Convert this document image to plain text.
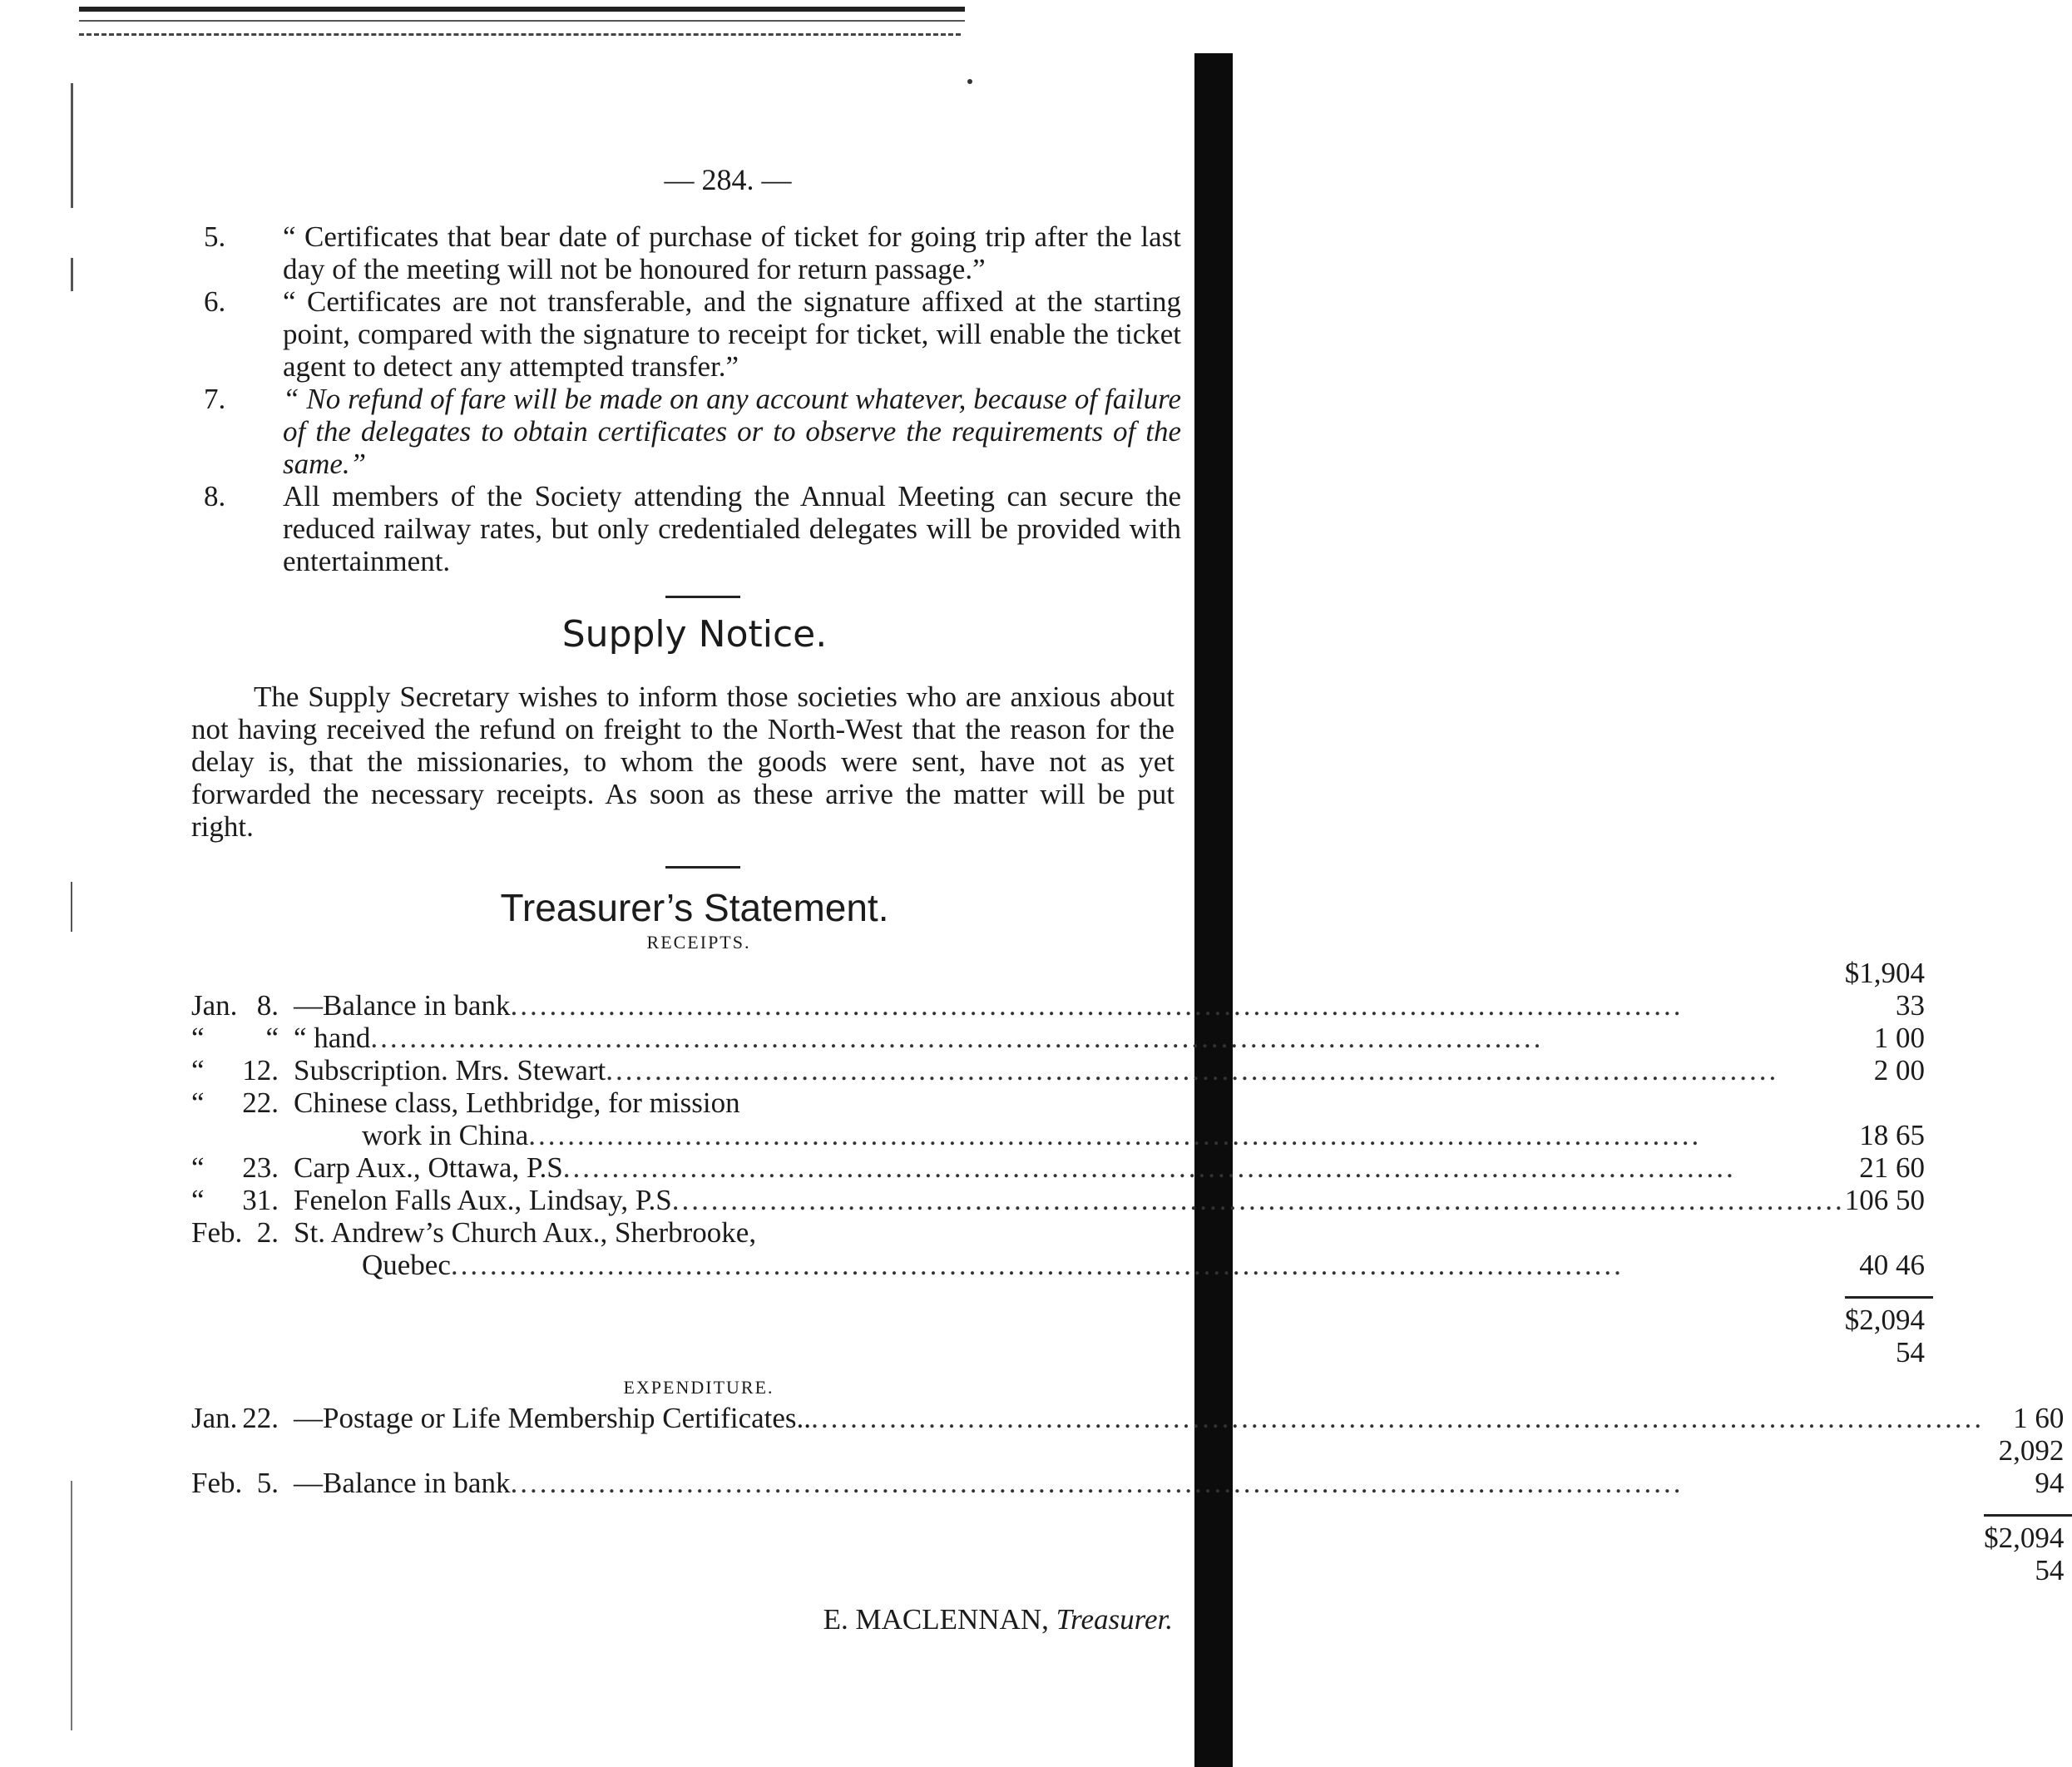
— 284. —
5. “ Certificates that bear date of purchase of ticket for going trip after the last day of the meeting will not be honoured for return passage.”
6. “ Certificates are not transferable, and the signature affixed at the starting point, compared with the signature to receipt for ticket, will enable the ticket agent to detect any attempted transfer.”
7. “ No refund of fare will be made on any account whatever, because of failure of the delegates to obtain certificates or to observe the requirements of the same.”
8. All members of the Society attending the Annual Meeting can secure the reduced railway rates, but only credentialed delegates will be provided with entertainment.
Supply Notice.
The Supply Secretary wishes to inform those societies who are anxious about not having received the refund on freight to the North-West that the reason for the delay is, that the missionaries, to whom the goods were sent, have not as yet forwarded the necessary receipts. As soon as these arrive the matter will be put right.
Treasurer’s Statement.
RECEIPTS.
Jan.	8.	—Balance in bank ........................................................................................................................	$1,904 33
“	“	“ hand ........................................................................................................................	1 00
“	12.	Subscription. Mrs. Stewart ........................................................................................................................	2 00
“	22.	Chinese class, Lethbridge, for mission	

		work in China ........................................................................................................................	18 65
“	23.	Carp Aux., Ottawa, P.S ........................................................................................................................	21 60
“	31.	Fenelon Falls Aux., Lindsay, P.S ........................................................................................................................	106 50
Feb.	2.	St. Andrew’s Church Aux., Sherbrooke,	

		Quebec ........................................................................................................................	40 46

			$2,094 54
EXPENDITURE.
Jan.	22.	—Postage or Life Membership Certificates.. ........................................................................................................................	1 60
Feb.	5.	—Balance in bank ........................................................................................................................	2,092 94

			$2,094 54
E. MACLENNAN, Treasurer.
